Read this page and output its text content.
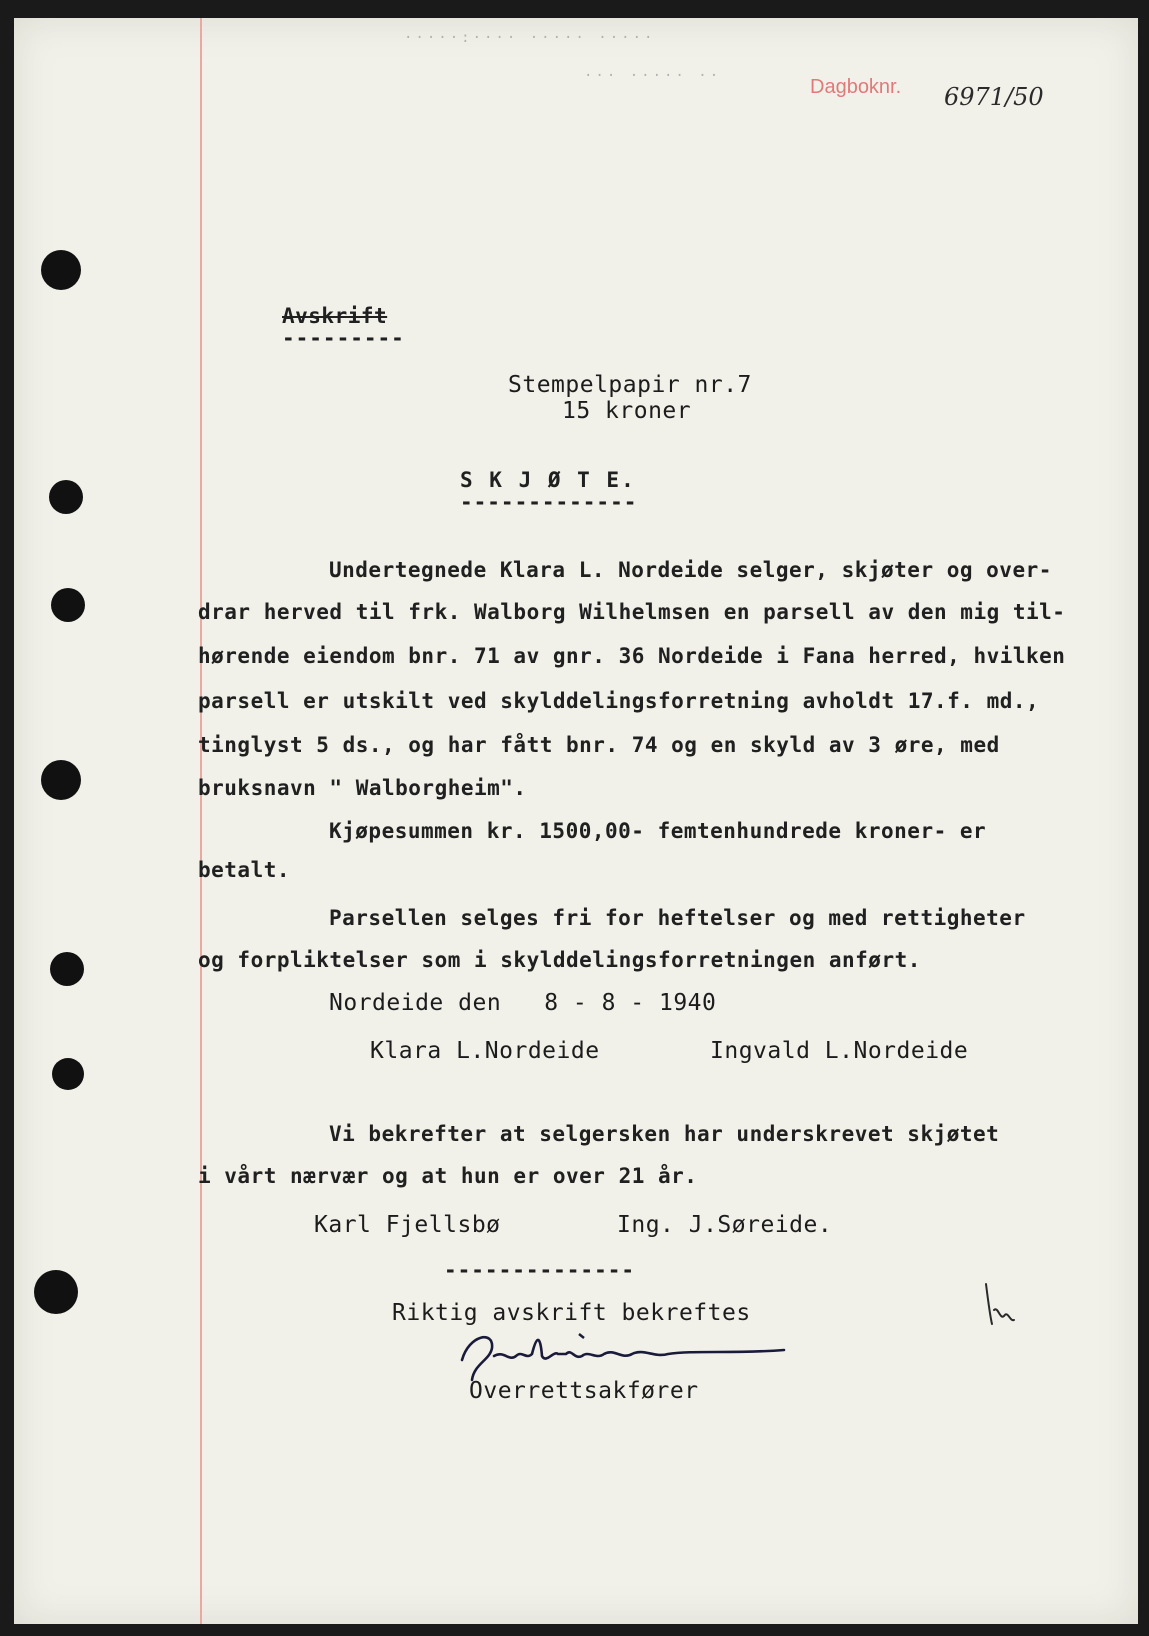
·····:···· ····· ·····
··· ····· ··	Dagboknr. 6971/50
Avskrift
---------
Stempelpapir nr.7
15 kroner
S K J Ø T E.
-------------
Undertegnede Klara L. Nordeide selger, skjøter og over-
drar herved til frk. Walborg Wilhelmsen en parsell av den mig til-
hørende eiendom bnr. 71 av gnr. 36 Nordeide i Fana herred, hvilken
parsell er utskilt ved skylddelingsforretning avholdt 17.f. md.,
tinglyst 5 ds., og har fått bnr. 74 og en skyld av 3 øre, med
bruksnavn " Walborgheim".
Kjøpesummen kr. 1500,00- femtenhundrede kroner- er
betalt.
Parsellen selges fri for heftelser og med rettigheter
og forpliktelser som i skylddelingsforretningen anført.
Nordeide den   8 - 8 - 1940
Klara L.Nordeide	Ingvald L.Nordeide
Vi bekrefter at selgersken har underskrevet skjøtet
i vårt nærvær og at hun er over 21 år.
Karl Fjellsbø	Ing. J.Søreide.
--------------
Riktig avskrift bekreftes
Overrettsakfører
